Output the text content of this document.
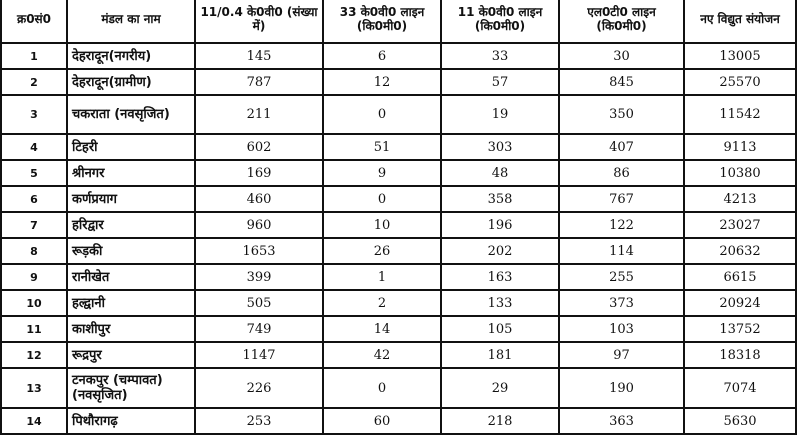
क्र0सं0	मंडल का नाम	11/0.4 के0वी0 (संख्या में)	33 के0वी0 लाइन (कि0मी0)	11 के0वी0 लाइन (कि0मी0)	एल0टी0 लाइन (कि0मी0)	नए विद्युत संयोजन
1	देहरादून(नगरीय)	145	6	33	30	13005
2	देहरादून(ग्रामीण)	787	12	57	845	25570
3	चकराता (नवसृजित)	211	0	19	350	11542
4	टिहरी	602	51	303	407	9113
5	श्रीनगर	169	9	48	86	10380
6	कर्णप्रयाग	460	0	358	767	4213
7	हरिद्वार	960	10	196	122	23027
8	रूड़की	1653	26	202	114	20632
9	रानीखेत	399	1	163	255	6615
10	हल्द्वानी	505	2	133	373	20924
11	काशीपुर	749	14	105	103	13752
12	रूद्रपुर	1147	42	181	97	18318
13	टनकपुर (चम्पावत) (नवसृजित)	226	0	29	190	7074
14	पिथौरागढ़	253	60	218	363	5630
